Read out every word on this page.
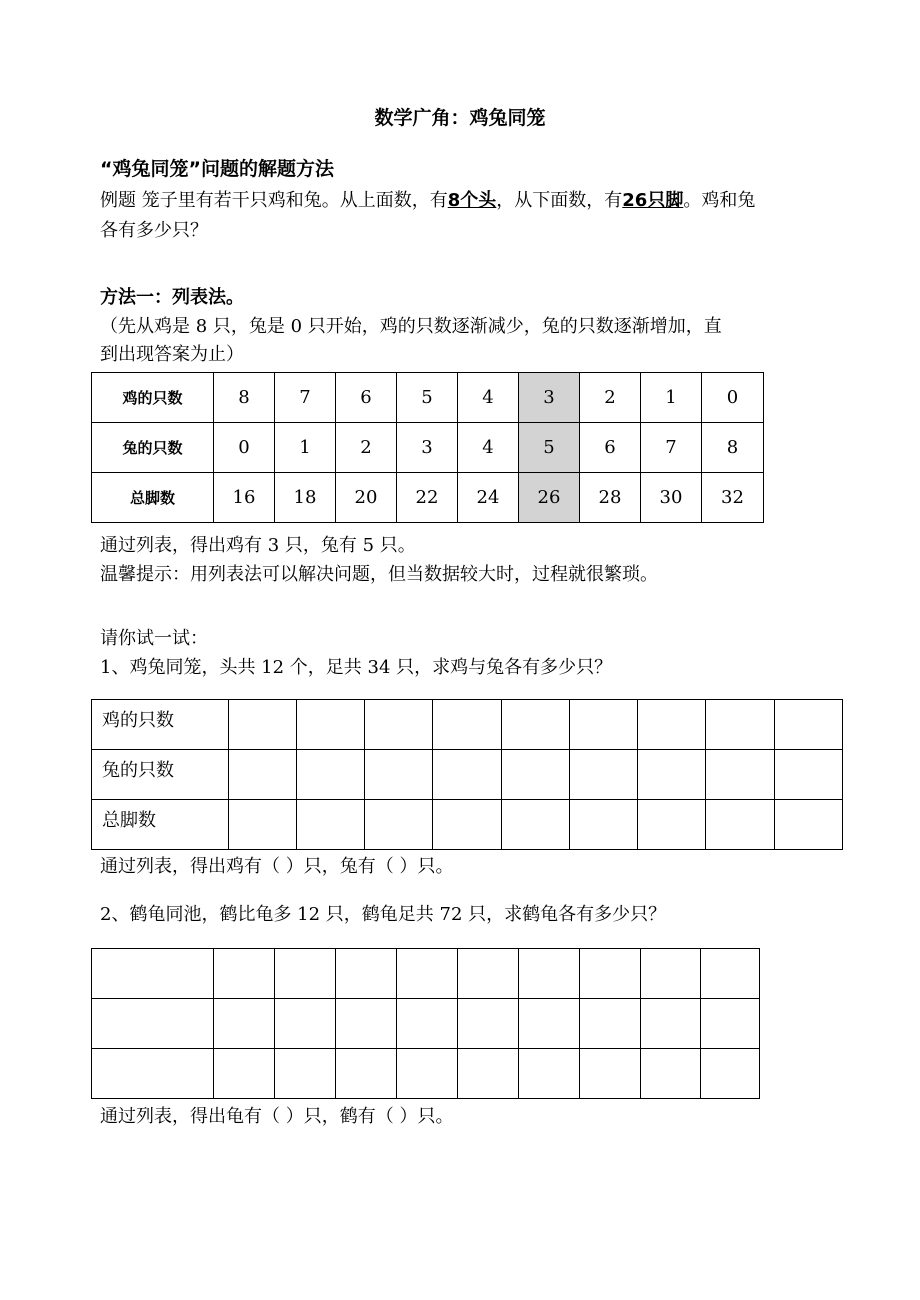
数学广角：鸡兔同笼
“鸡兔同笼”问题的解题方法
例题 笼子里有若干只鸡和兔。从上面数，有8个头，从下面数，有26只脚。鸡和兔
各有多少只？
方法一：列表法。
（先从鸡是 8 只，兔是 0 只开始，鸡的只数逐渐减少，兔的只数逐渐增加，直
到出现答案为止）
鸡的只数	8	7	6	5	4	3	2	1	0
兔的只数	0	1	2	3	4	5	6	7	8
总脚数	16	18	20	22	24	26	28	30	32
通过列表，得出鸡有 3 只，兔有 5 只。
温馨提示：用列表法可以解决问题，但当数据较大时，过程就很繁琐。
请你试一试：
1、鸡兔同笼，头共 12 个，足共 34 只，求鸡与兔各有多少只？
鸡的只数									
兔的只数									
总脚数									
通过列表，得出鸡有（ ）只，兔有（ ）只。
2、鹤龟同池，鹤比龟多 12 只，鹤龟足共 72 只，求鹤龟各有多少只？

通过列表，得出龟有（ ）只，鹤有（ ）只。
